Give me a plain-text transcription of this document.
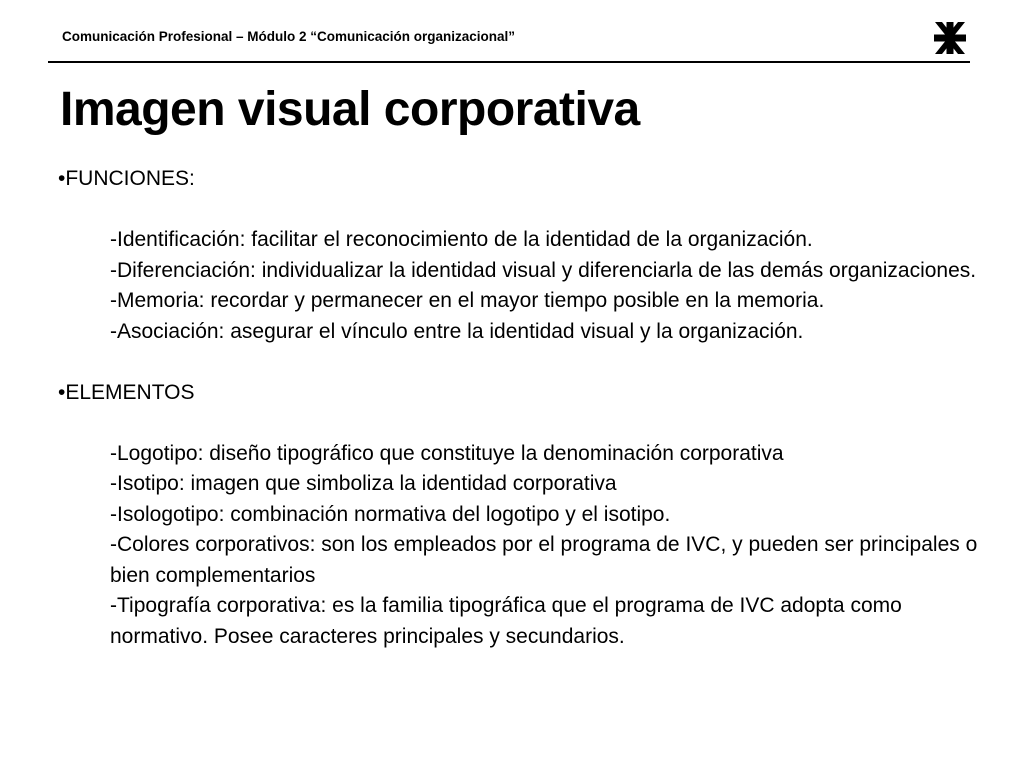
Comunicación Profesional – Módulo 2 “Comunicación organizacional”
Imagen visual corporativa

•FUNCIONES:

-Identificación: facilitar el reconocimiento de la identidad de la organización.

-Diferenciación: individualizar la identidad visual y diferenciarla de las demás organizaciones.

-Memoria: recordar y permanecer en el mayor tiempo posible en la memoria.

-Asociación: asegurar el vínculo entre la identidad visual y la organización.

•ELEMENTOS

-Logotipo: diseño tipográfico que constituye la denominación corporativa

-Isotipo: imagen que simboliza la identidad corporativa

-Isologotipo: combinación normativa del logotipo y el isotipo.

-Colores corporativos: son los empleados por el programa de IVC, y pueden ser principales o bien complementarios

-Tipografía corporativa: es la familia tipográfica que el programa de IVC adopta como normativo. Posee caracteres principales y secundarios.
